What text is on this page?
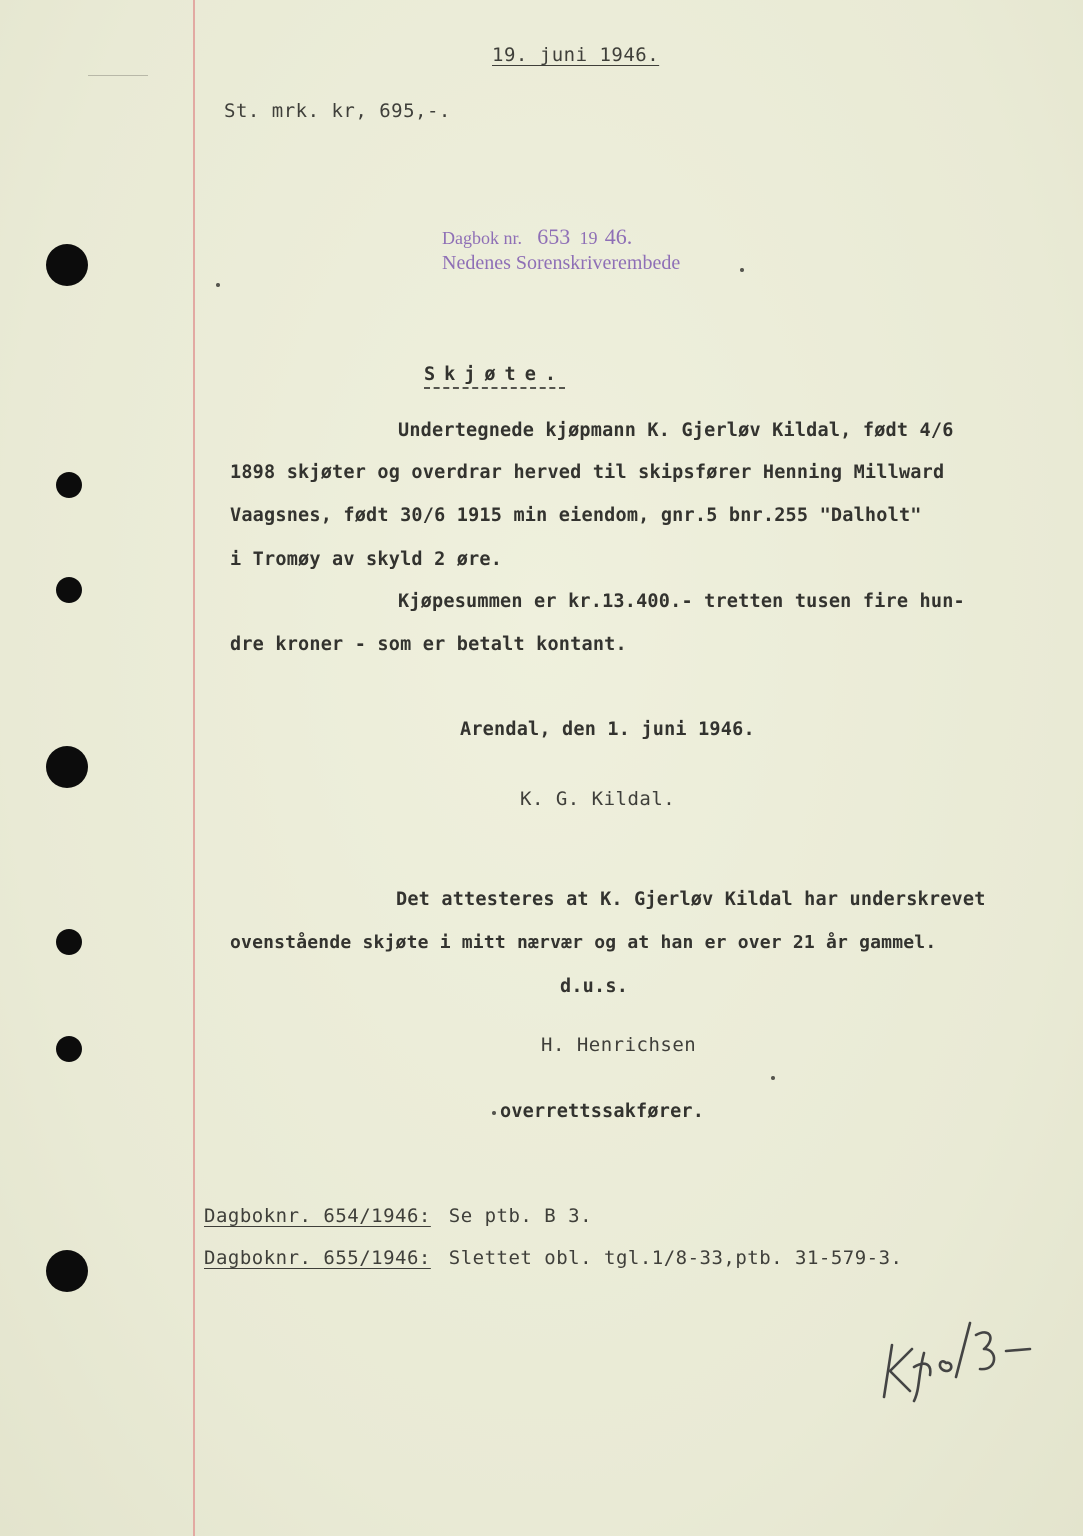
19. juni 1946.
St. mrk. kr, 695,-.
Dagbok nr. 653 19 46.
Nedenes Sorenskriverembede
Skjøte.
Undertegnede kjøpmann K. Gjerløv Kildal, født 4/6
1898 skjøter og overdrar herved til skipsfører Henning Millward
Vaagsnes, født 30/6 1915 min eiendom, gnr.5 bnr.255 "Dalholt"
i Tromøy av skyld 2 øre.
Kjøpesummen er kr.13.400.- tretten tusen fire hun-
dre kroner - som er betalt kontant.
Arendal, den 1. juni 1946.
K. G. Kildal.
Det attesteres at K. Gjerløv Kildal har underskrevet
ovenstående skjøte i mitt nærvær og at han er over 21 år gammel.
d.u.s.
H. Henrichsen
overrettssakfører.
Dagboknr. 654/1946: Se ptb. B 3.
Dagboknr. 655/1946: Slettet obl. tgl.1/8-33,ptb. 31-579-3.
